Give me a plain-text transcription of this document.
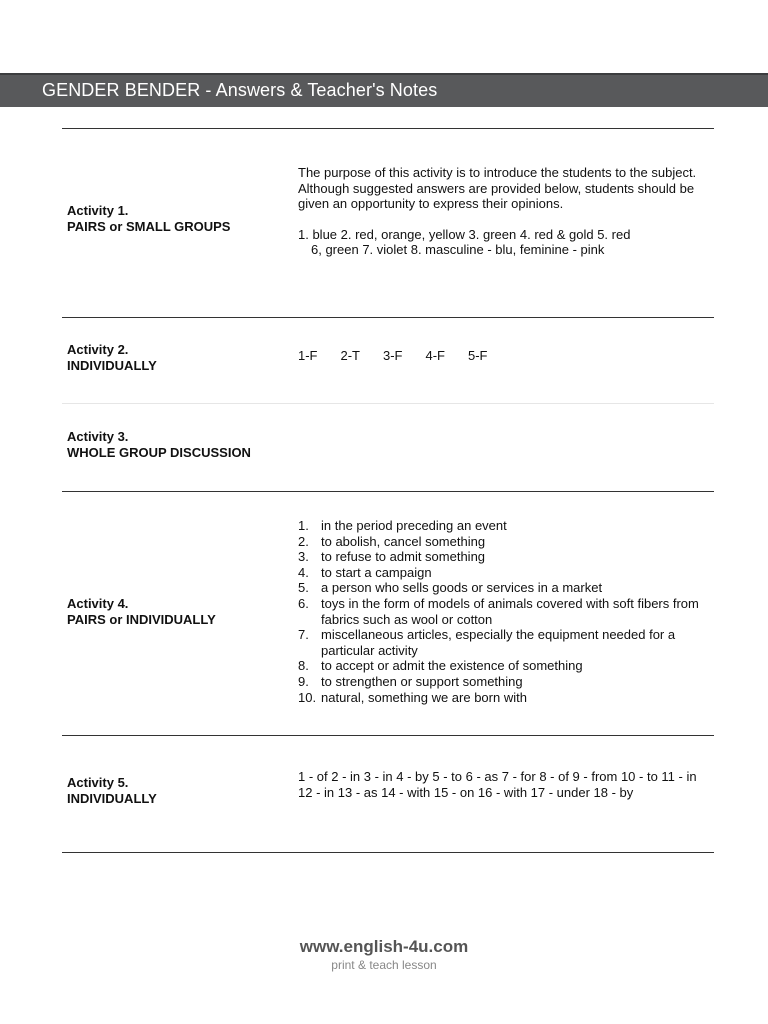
GENDER BENDER - Answers & Teacher's Notes
Activity 1.
PAIRS or SMALL GROUPS

The purpose of this activity is to introduce the students to the subject. Although suggested answers are provided below, students should be given an opportunity to express their opinions.

1. blue 2. red, orange, yellow 3. green 4. red & gold 5. red
6, green 7. violet 8. masculine - blu, feminine - pink
Activity 2.
INDIVIDUALLY
1-F 2-T 3-F 4-F 5-F
Activity 3.
WHOLE GROUP DISCUSSION
Activity 4.
PAIRS or INDIVIDUALLY
1. in the period preceding an event
2. to abolish, cancel something
3. to refuse to admit something
4. to start a campaign
5. a person who sells goods or services in a market
6. toys in the form of models of animals covered with soft fibers from fabrics such as wool or cotton
7. miscellaneous articles, especially the equipment needed for a particular activity
8. to accept or admit the existence of something
9. to strengthen or support something
10. natural, something we are born with
Activity 5.
INDIVIDUALLY
1 - of 2 - in 3 - in 4 - by 5 - to 6 - as 7 - for 8 - of 9 - from 10 - to 11 - in 12 - in 13 - as 14 - with 15 - on 16 - with 17 - under 18 - by
www.english-4u.com
print & teach lesson
